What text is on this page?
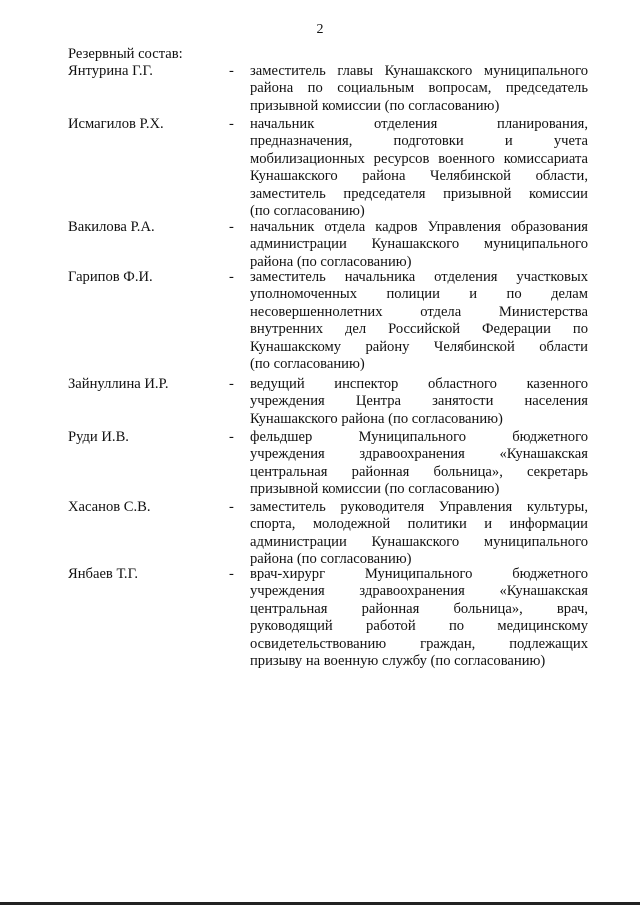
2
Резервный состав:
Янтурина Г.Г.	- заместитель главы Кунашакского муниципального
района по социальным вопросам, председатель
призывной комиссии (по согласованию)
Исмагилов Р.Х.	- начальник отделения планирования,
предназначения, подготовки и учета
мобилизационных ресурсов военного комиссариата
Кунашакского района Челябинской области,
заместитель председателя призывной комиссии
(по согласованию)
Вакилова Р.А.	- начальник отдела кадров Управления образования
администрации Кунашакского муниципального
района (по согласованию)
Гарипов Ф.И.	- заместитель начальника отделения участковых
уполномоченных полиции и по делам
несовершеннолетних отдела Министерства
внутренних дел Российской Федерации по
Кунашакскому району Челябинской области
(по согласованию)
Зайнуллина И.Р.	- ведущий инспектор областного казенного
учреждения Центра занятости населения
Кунашакского района (по согласованию)
Руди И.В.	- фельдшер Муниципального бюджетного
учреждения здравоохранения «Кунашакская
центральная районная больница», секретарь
призывной комиссии (по согласованию)
Хасанов С.В.	- заместитель руководителя Управления культуры,
спорта, молодежной политики и информации
администрации Кунашакского муниципального
района (по согласованию)
Янбаев Т.Г.	- врач-хирург Муниципального бюджетного
учреждения здравоохранения «Кунашакская
центральная районная больница», врач,
руководящий работой по медицинскому
освидетельствованию граждан, подлежащих
призыву на военную службу (по согласованию)
